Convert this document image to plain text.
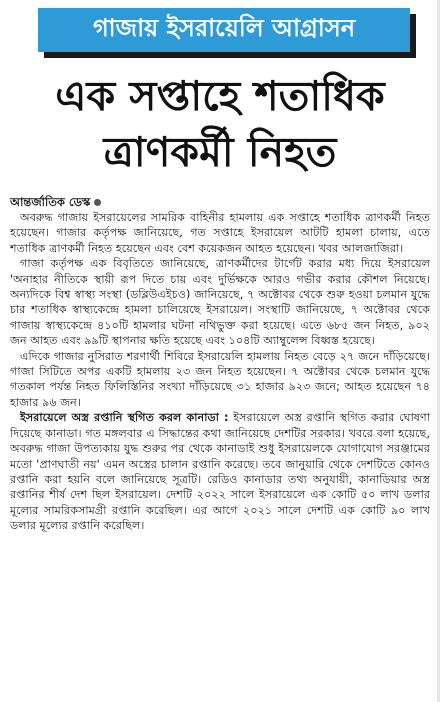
গাজায় ইসরায়েলি আগ্রাসন
এক সপ্তাহে শতাধিক
ত্রাণকর্মী নিহত
আন্তর্জাতিক ডেস্ক

অবরুদ্ধ গাজায় ইসরায়েলের সামরিক বাহিনীর হামলায় এক সপ্তাহে শতাধিক ত্রাণকর্মী নিহত হয়েছেন। গাজার কর্তৃপক্ষ জানিয়েছে, গত সপ্তাহে ইসরায়েল আটটি হামলা চালায়, এতে শতাধিক ত্রাণকর্মী নিহত হয়েছেন এবং বেশ কয়েকজন আহত হয়েছেন। খবর আলজাজিরা।

গাজা কর্তৃপক্ষ এক বিবৃতিতে জানিয়েছে, ত্রাণকর্মীদের টার্গেট করার মধ্য দিয়ে ইসরায়েল 'অনাহার নীতিকে স্থায়ী রূপ দিতে চায় এবং দুর্ভিক্ষকে আরও গভীর করার কৌশল নিয়েছে। অন্যদিকে বিশ্ব স্বাস্থ্য সংস্থা (ডব্লিউএইচও) জানিয়েছে, ৭ অক্টোবর থেকে শুরু হওয়া চলমান যুদ্ধে চার শতাধিক স্বাস্থ্যকেন্দ্রে হামলা চালিয়েছে ইসরায়েল। সংস্থাটি জানিয়েছে, ৭ অক্টোবর থেকে গাজায় স্বাস্থ্যকেন্দ্রে ৪১০টি হামলার ঘটনা নথিভুক্ত করা হয়েছে। এতে ৬৮৫ জন নিহত, ৯০২ জন আহত এবং ৯৯টি স্থাপনার ক্ষতি হয়েছে এবং ১০৪টি অ্যাম্বুলেন্স বিধ্বস্ত হয়েছে।

এদিকে গাজার নুসিরাত শরণার্থী শিবিরে ইসরায়েলি হামলায় নিহত বেড়ে ২৭ জনে দাঁড়িয়েছে। গাজা সিটিতে অপর একটি হামলায় ২৩ জন নিহত হয়েছেন। ৭ অক্টোবর থেকে চলমান যুদ্ধে গতকাল পর্যন্ত নিহত ফিলিস্তিনির সংখ্যা দাঁড়িয়েছে ৩১ হাজার ৯২৩ জনে; আহত হয়েছেন ৭৪ হাজার ৯৬ জন।

ইসরায়েলে অস্ত্র রপ্তানি স্থগিত করল কানাডা : ইসরায়েলে অস্ত্র রপ্তানি স্থগিত করার ঘোষণা দিয়েছে কানাডা। গত মঙ্গলবার এ সিদ্ধান্তের কথা জানিয়েছে দেশটির সরকার। খবরে বলা হয়েছে, অবরুদ্ধ গাজা উপত্যকায় যুদ্ধ শুরুর পর থেকে কানাডাই শুধু ইসরায়েলকে যোগাযোগ সরঞ্জামের মতো 'প্রাণঘাতী নয়' এমন অস্ত্রের চালান রপ্তানি করেছে। তবে জানুয়ারি থেকে দেশটিতে কোনও রপ্তানি করা হয়নি বলে জানিয়েছে সূত্রটি। রেডিও কানাডার তথ্য অনুযায়ী, কানাডিয়ার অস্ত্র রপ্তানির শীর্ষ দেশ ছিল ইসরায়েল। দেশটি ২০২২ সালে ইসরায়েলে এক কোটি ৫০ লাখ ডলার মূল্যের সামরিকসামগ্রী রপ্তানি করেছিল। এর আগে ২০২১ সালে দেশটি এক কোটি ৯০ লাখ ডলার মূল্যের রপ্তানি করেছিল।
